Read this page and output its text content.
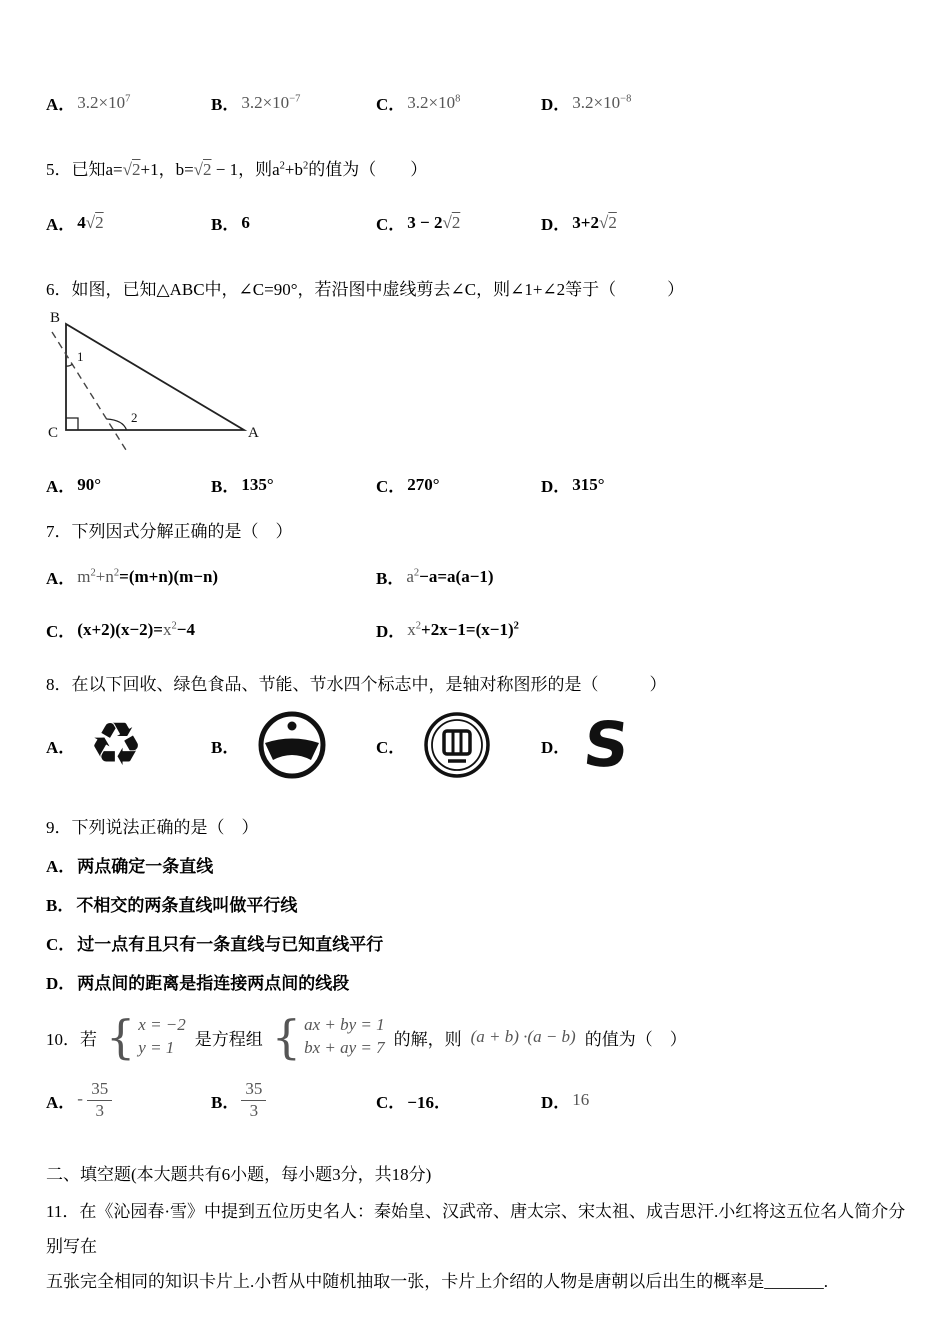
A． $3.2\times 10^7$	B． $3.2\times 10^{-7}$	C． $3.2\times 10^8$	D． $3.2\times 10^{-8}$
5．已知a=√2+1，b=√2 − 1，则$a^2+b^2$的值为（　　）
A． 4√2	B． 6	C． 3 − 2√2	D． 3+2√2
6．如图，已知△ABC中，∠C=90°，若沿图中虚线剪去∠C，则∠1+∠2等于（　　　）
B
C	A
1
2
A． 90°	B． 135°	C． 270°	D． 315°
7．下列因式分解正确的是（　）
A． $m^2+n^2=(m+n)(m-n)$	B． $a^2-a=a(a-1)$
C． $(x+2)(x-2)=x^2-4$	D． $x^2+2x-1=(x-1)^2$
8．在以下回收、绿色食品、节能、节水四个标志中，是轴对称图形的是（　　　）
A． ♻	B．	C．	D． S
9．下列说法正确的是（　）
A． 两点确定一条直线
B． 不相交的两条直线叫做平行线
C． 过一点有且只有一条直线与已知直线平行
D． 两点间的距离是指连接两点间的线段
10．若 { x = −2
y = 1	是方程组 { ax + by = 1
bx + ay = 7 的解，则 (a + b) ·(a − b) 的值为（　）
A． - $\frac{35}{3}$	B． $\frac{35}{3}$	C． −16．	D． 16
二、填空题(本大题共有6小题，每小题3分，共18分)
11．在《沁园春·雪》中提到五位历史名人：秦始皇、汉武帝、唐太宗、宋太祖、成吉思汗.小红将这五位名人简介分别写在
五张完全相同的知识卡片上.小哲从中随机抽取一张，卡片上介绍的人物是唐朝以后出生的概率是_______.
